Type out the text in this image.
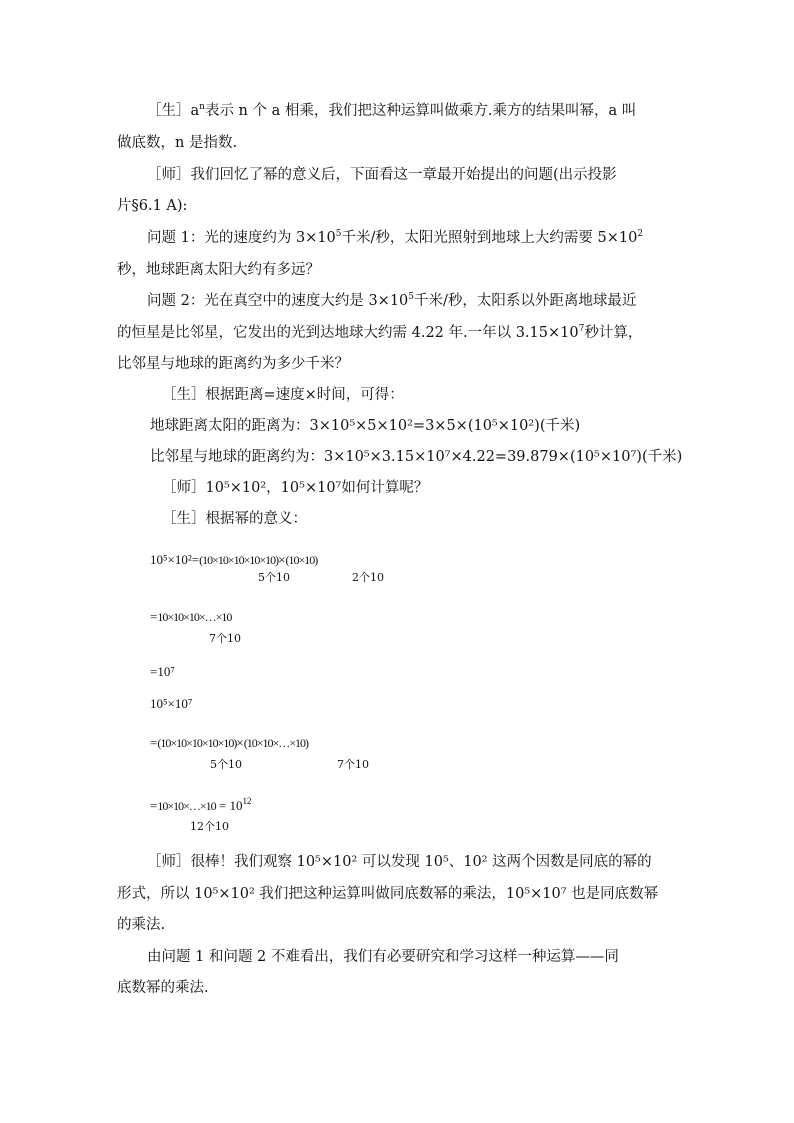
［生$]a^n$表示 n 个 a 相乘，我们把这种运算叫做乘方.乘方的结果叫幂，a 叫
做底数，n 是指数.
［师］我们回忆了幂的意义后，下面看这一章最开始提出的问题(出示投影
片§6.1 A):
问题 1：光的速度约为 $3\times 10^5$千米/秒，太阳光照射到地球上大约需要 $5\times 10^2$
秒，地球距离太阳大约有多远？
问题 2：光在真空中的速度大约是 $3\times 10^5$千米/秒，太阳系以外距离地球最近
的恒星是比邻星，它发出的光到达地球大约需 4.22 年.一年以 $3.15\times 10^7$秒计算，
比邻星与地球的距离约为多少千米？
［生］根据距离=速度×时间，可得：
地球距离太阳的距离为：3×10⁵×5×10²=3×5×(10⁵×10²)(千米)
比邻星与地球的距离约为：3×10⁵×3.15×10⁷×4.22=39.879×(10⁵×10⁷)(千米)
［师］10⁵×10²，10⁵×10⁷如何计算呢？
［生］根据幂的意义：
10⁵×10²=(10×10×10×10×10)×(10×10)
5个10	2个10
=10×10×10×…×10
7个10
=10⁷
10⁵×10⁷
=(10×10×10×10×10)×(10×10×…×10)
5个10	7个10
=10×10×…×10 = $10^{12}$
12个10
［师］很棒！我们观察 10⁵×10² 可以发现 10⁵、10² 这两个因数是同底的幂的
形式，所以 10⁵×10² 我们把这种运算叫做同底数幂的乘法，10⁵×10⁷ 也是同底数幂
的乘法.
由问题 1 和问题 2 不难看出，我们有必要研究和学习这样一种运算——同
底数幂的乘法.
